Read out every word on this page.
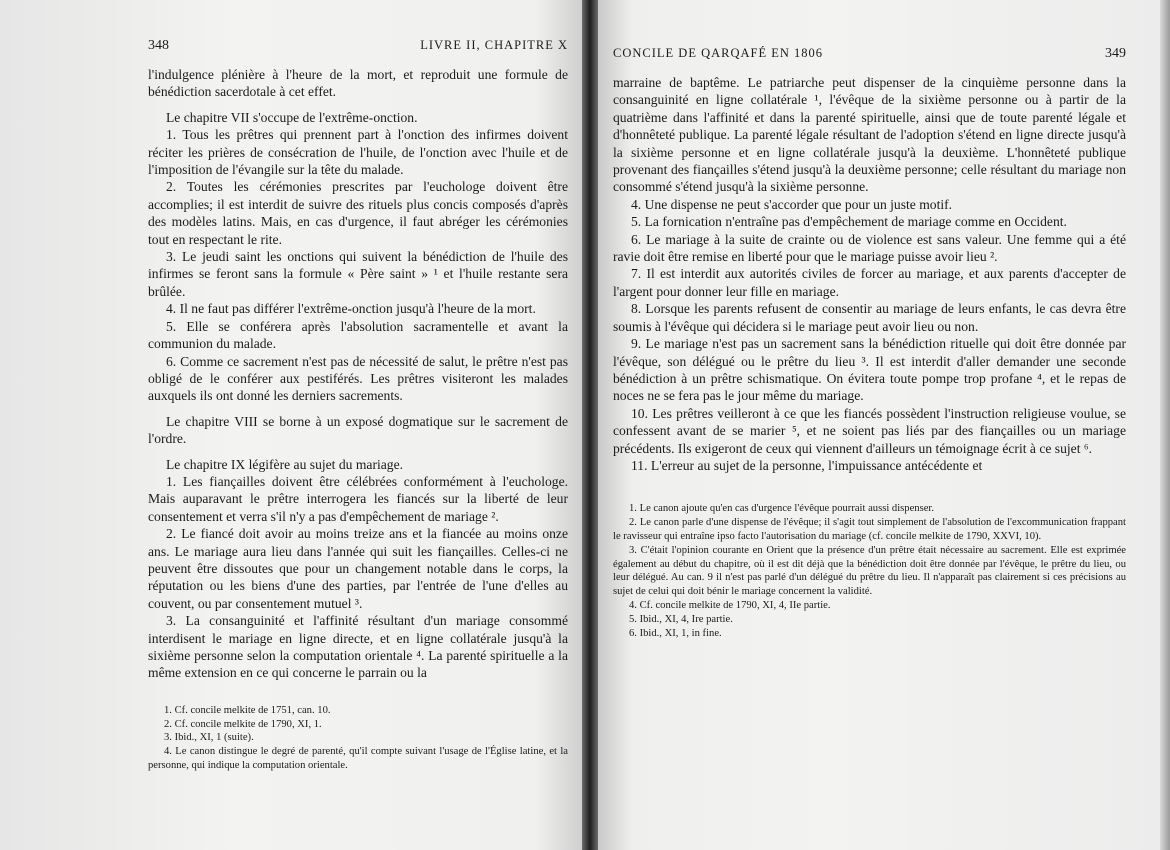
348	LIVRE II, CHAPITRE X

l'indulgence plénière à l'heure de la mort, et reproduit une formule de bénédiction sacerdotale à cet effet.

Le chapitre VII s'occupe de l'extrême-onction.

1. Tous les prêtres qui prennent part à l'onction des infirmes doivent réciter les prières de consécration de l'huile, de l'onction avec l'huile et de l'imposition de l'évangile sur la tête du malade.

2. Toutes les cérémonies prescrites par l'euchologe doivent être accomplies; il est interdit de suivre des rituels plus concis composés d'après des modèles latins. Mais, en cas d'urgence, il faut abréger les cérémonies tout en respectant le rite.

3. Le jeudi saint les onctions qui suivent la bénédiction de l'huile des infirmes se feront sans la formule « Père saint » ¹ et l'huile restante sera brûlée.

4. Il ne faut pas différer l'extrême-onction jusqu'à l'heure de la mort.

5. Elle se conférera après l'absolution sacramentelle et avant la communion du malade.

6. Comme ce sacrement n'est pas de nécessité de salut, le prêtre n'est pas obligé de le conférer aux pestiférés. Les prêtres visiteront les malades auxquels ils ont donné les derniers sacrements.

Le chapitre VIII se borne à un exposé dogmatique sur le sacrement de l'ordre.

Le chapitre IX légifère au sujet du mariage.

1. Les fiançailles doivent être célébrées conformément à l'euchologe. Mais auparavant le prêtre interrogera les fiancés sur la liberté de leur consentement et verra s'il n'y a pas d'empêchement de mariage ².

2. Le fiancé doit avoir au moins treize ans et la fiancée au moins onze ans. Le mariage aura lieu dans l'année qui suit les fiançailles. Celles-ci ne peuvent être dissoutes que pour un changement notable dans le corps, la réputation ou les biens d'une des parties, par l'entrée de l'une d'elles au couvent, ou par consentement mutuel ³.

3. La consanguinité et l'affinité résultant d'un mariage consommé interdisent le mariage en ligne directe, et en ligne collatérale jusqu'à la sixième personne selon la computation orientale ⁴. La parenté spirituelle a la même extension en ce qui concerne le parrain ou la

1. Cf. concile melkite de 1751, can. 10.

2. Cf. concile melkite de 1790, XI, 1.

3. Ibid., XI, 1 (suite).

4. Le canon distingue le degré de parenté, qu'il compte suivant l'usage de l'Église latine, et la personne, qui indique la computation orientale.

CONCILE DE QARQAFÉ EN 1806	349

marraine de baptême. Le patriarche peut dispenser de la cinquième personne dans la consanguinité en ligne collatérale ¹, l'évêque de la sixième personne ou à partir de la quatrième dans l'affinité et dans la parenté spirituelle, ainsi que de toute parenté légale et d'honnêteté publique. La parenté légale résultant de l'adoption s'étend en ligne directe jusqu'à la sixième personne et en ligne collatérale jusqu'à la deuxième. L'honnêteté publique provenant des fiançailles s'étend jusqu'à la deuxième personne; celle résultant du mariage non consommé s'étend jusqu'à la sixième personne.

4. Une dispense ne peut s'accorder que pour un juste motif.

5. La fornication n'entraîne pas d'empêchement de mariage comme en Occident.

6. Le mariage à la suite de crainte ou de violence est sans valeur. Une femme qui a été ravie doit être remise en liberté pour que le mariage puisse avoir lieu ².

7. Il est interdit aux autorités civiles de forcer au mariage, et aux parents d'accepter de l'argent pour donner leur fille en mariage.

8. Lorsque les parents refusent de consentir au mariage de leurs enfants, le cas devra être soumis à l'évêque qui décidera si le mariage peut avoir lieu ou non.

9. Le mariage n'est pas un sacrement sans la bénédiction rituelle qui doit être donnée par l'évêque, son délégué ou le prêtre du lieu ³. Il est interdit d'aller demander une seconde bénédiction à un prêtre schismatique. On évitera toute pompe trop profane ⁴, et le repas de noces ne se fera pas le jour même du mariage.

10. Les prêtres veilleront à ce que les fiancés possèdent l'instruction religieuse voulue, se confessent avant de se marier ⁵, et ne soient pas liés par des fiançailles ou un mariage précédents. Ils exigeront de ceux qui viennent d'ailleurs un témoignage écrit à ce sujet ⁶.

11. L'erreur au sujet de la personne, l'impuissance antécédente et

1. Le canon ajoute qu'en cas d'urgence l'évêque pourrait aussi dispenser.

2. Le canon parle d'une dispense de l'évêque; il s'agit tout simplement de l'absolution de l'excommunication frappant le ravisseur qui entraîne ipso facto l'autorisation du mariage (cf. concile melkite de 1790, XXVI, 10).

3. C'était l'opinion courante en Orient que la présence d'un prêtre était nécessaire au sacrement. Elle est exprimée également au début du chapitre, où il est dit déjà que la bénédiction doit être donnée par l'évêque, le prêtre du lieu, ou leur délégué. Au can. 9 il n'est pas parlé d'un délégué du prêtre du lieu. Il n'apparaît pas clairement si ces précisions au sujet de celui qui doit bénir le mariage concernent la validité.

4. Cf. concile melkite de 1790, XI, 4, IIe partie.

5. Ibid., XI, 4, Ire partie.

6. Ibid., XI, 1, in fine.
